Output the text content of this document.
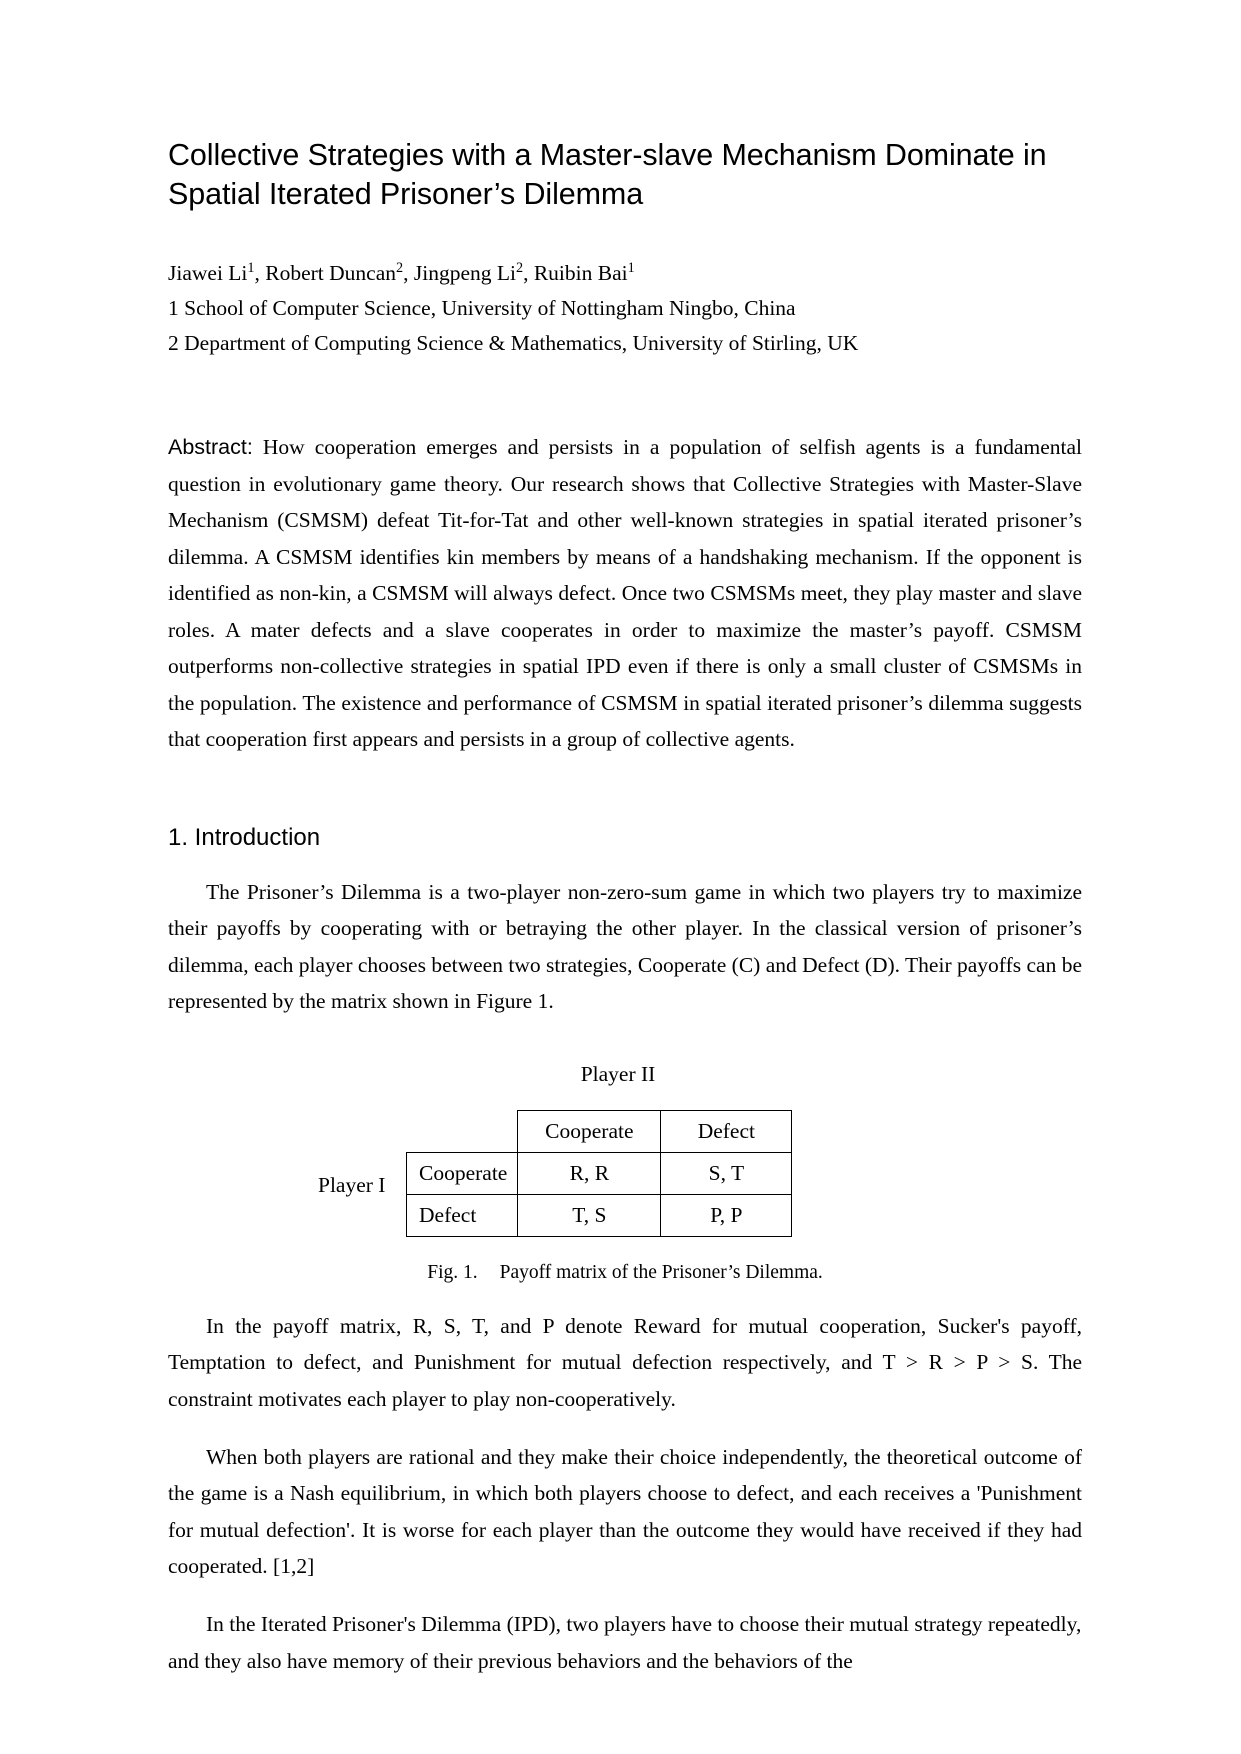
Collective Strategies with a Master-slave Mechanism Dominate in Spatial Iterated Prisoner’s Dilemma
Jiawei Li$^1$, Robert Duncan$^2$, Jingpeng Li$^2$, Ruibin Bai$^1$
1 School of Computer Science, University of Nottingham Ningbo, China
2 Department of Computing Science & Mathematics, University of Stirling, UK
Abstract: How cooperation emerges and persists in a population of selfish agents is a fundamental question in evolutionary game theory. Our research shows that Collective Strategies with Master-Slave Mechanism (CSMSM) defeat Tit-for-Tat and other well-known strategies in spatial iterated prisoner’s dilemma. A CSMSM identifies kin members by means of a handshaking mechanism. If the opponent is identified as non-kin, a CSMSM will always defect. Once two CSMSMs meet, they play master and slave roles. A mater defects and a slave cooperates in order to maximize the master’s payoff. CSMSM outperforms non-collective strategies in spatial IPD even if there is only a small cluster of CSMSMs in the population. The existence and performance of CSMSM in spatial iterated prisoner’s dilemma suggests that cooperation first appears and persists in a group of collective agents.
1. Introduction

The Prisoner’s Dilemma is a two-player non-zero-sum game in which two players try to maximize their payoffs by cooperating with or betraying the other player. In the classical version of prisoner’s dilemma, each player chooses between two strategies, Cooperate (C) and Defect (D). Their payoffs can be represented by the matrix shown in Figure 1.

Player II
Player I
	Cooperate	Defect
Cooperate	R, R	S, T
Defect	T, S	P, P
Fig. 1. Payoff matrix of the Prisoner’s Dilemma.

In the payoff matrix, R, S, T, and P denote Reward for mutual cooperation, Sucker's payoff, Temptation to defect, and Punishment for mutual defection respectively, and T > R > P > S. The constraint motivates each player to play non-cooperatively.

When both players are rational and they make their choice independently, the theoretical outcome of the game is a Nash equilibrium, in which both players choose to defect, and each receives a 'Punishment for mutual defection'. It is worse for each player than the outcome they would have received if they had cooperated. [1,2]

In the Iterated Prisoner's Dilemma (IPD), two players have to choose their mutual strategy repeatedly, and they also have memory of their previous behaviors and the behaviors of the
